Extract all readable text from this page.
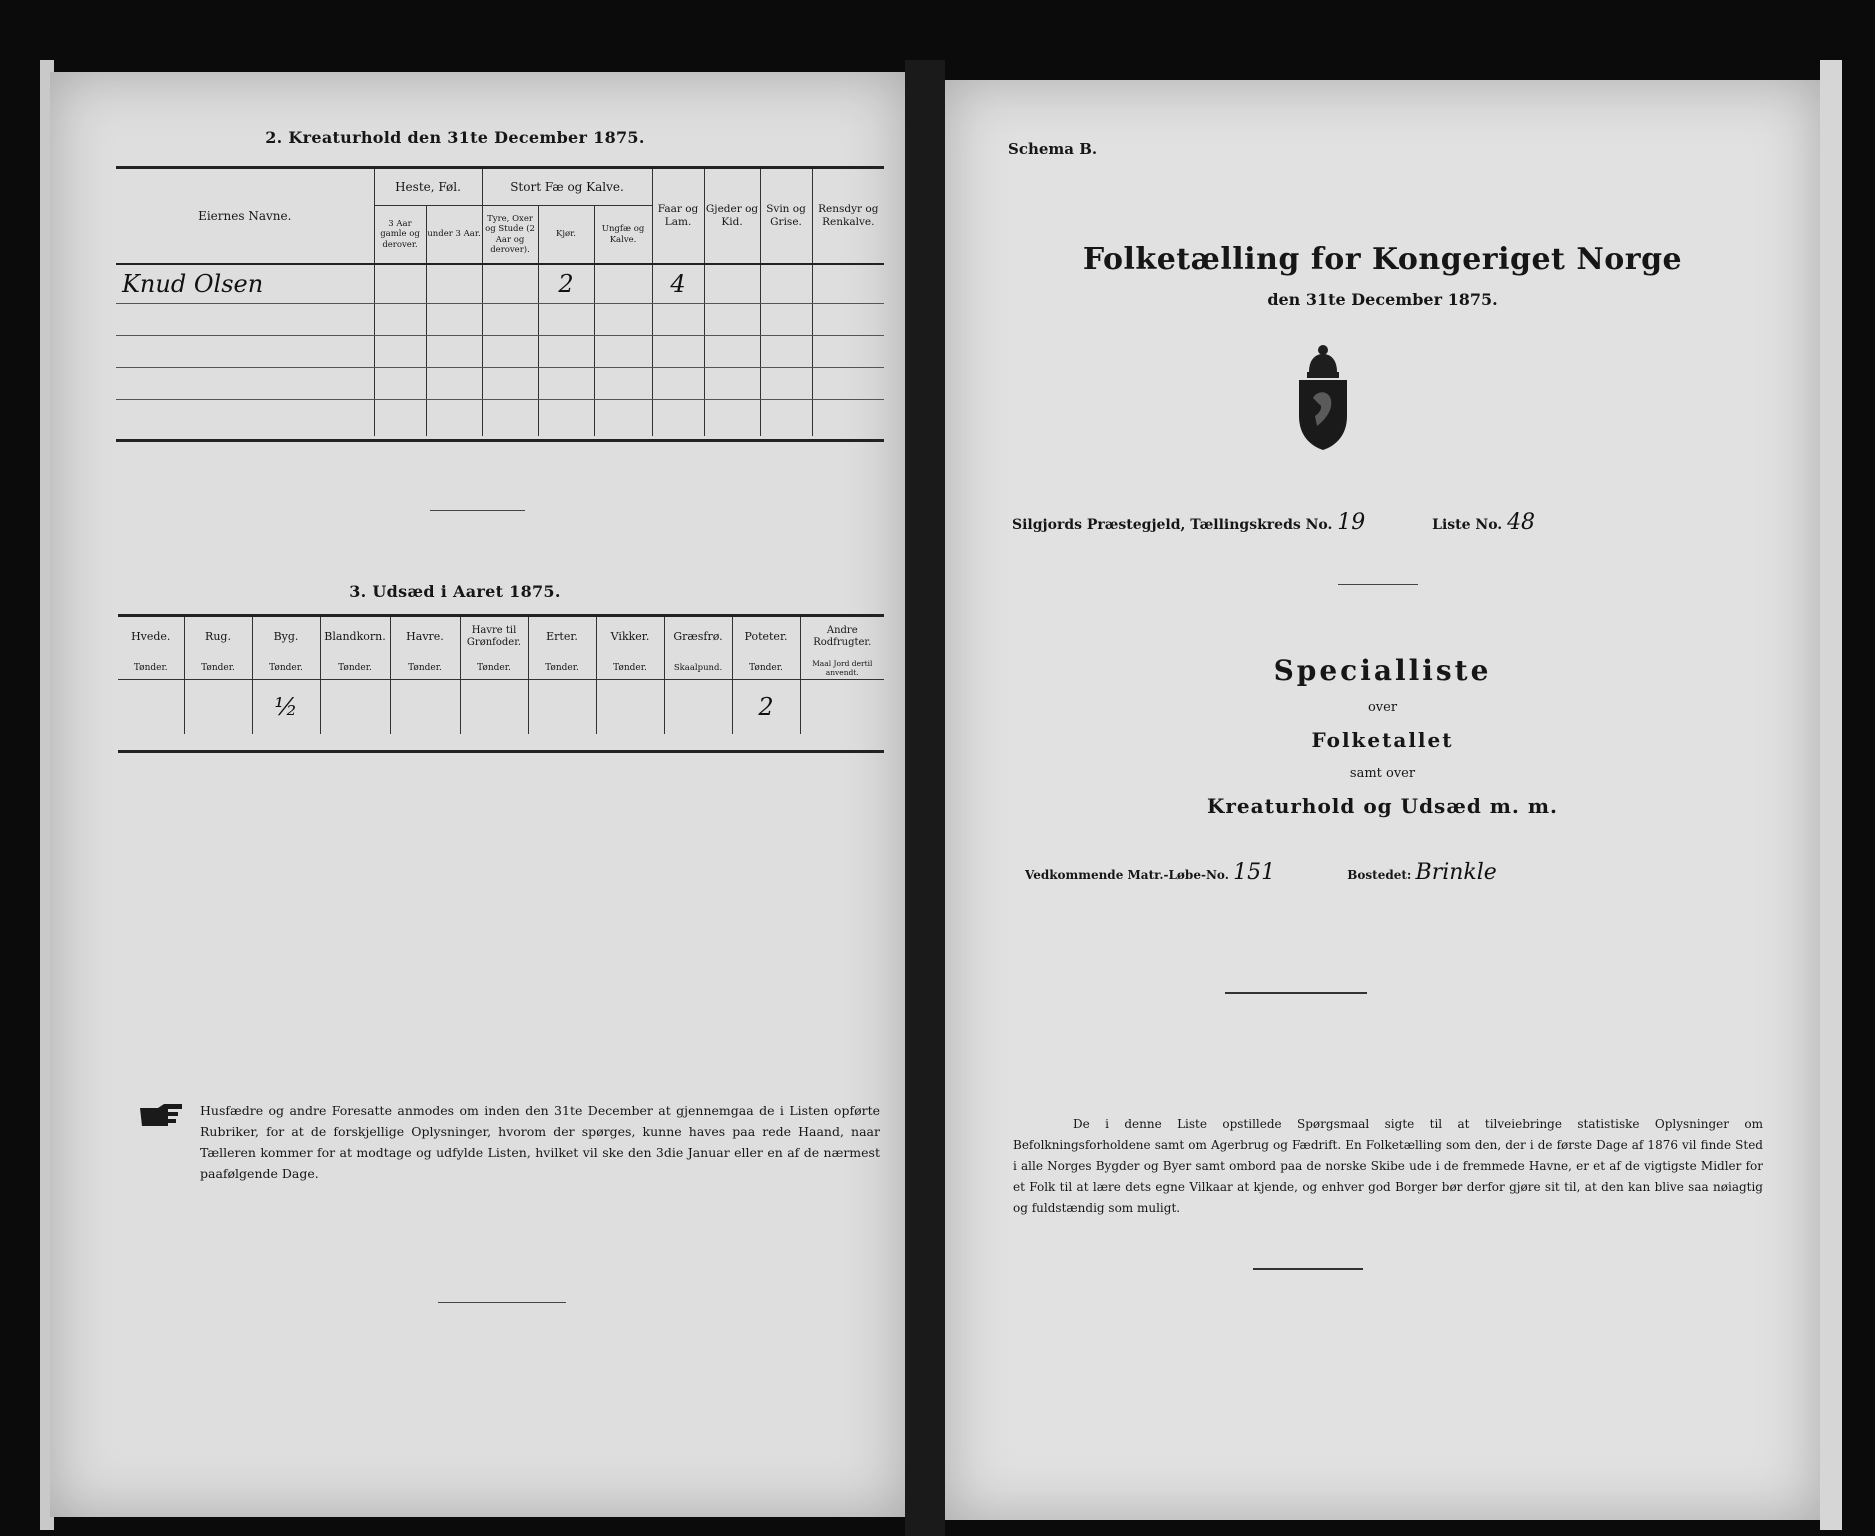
2. Kreaturhold den 31te December 1875.
Eiernes Navne.	Heste, Føl.		Stort Fæ og Kalve.			Faar og Lam.	Gjeder og Kid.	Svin og Grise.	Rensdyr og Renkalve.
	3 Aar gamle og derover.	under 3 Aar.	Tyre, Oxer og Stude (2 Aar og derover).	Kjør.	Ungfæ og Kalve.				
Knud Olsen				2		4			

3. Udsæd i Aaret 1875.
Hvede.	Rug.	Byg.	Blandkorn.	Havre.	Havre til Grønfoder.	Erter.	Vikker.	Græsfrø.	Poteter.	Andre Rodfrugter.
Tønder.	Tønder.	Tønder.	Tønder.	Tønder.	Tønder.	Tønder.	Tønder.	Skaalpund.	Tønder.	Maal Jord dertil anvendt.
		½							2	
Husfædre og andre Foresatte anmodes om inden den 31te December at gjennemgaa de i Listen opførte Rubriker, for at de forskjellige Oplysninger, hvorom der spørges, kunne haves paa rede Haand, naar Tælleren kommer for at modtage og udfylde Listen, hvilket vil ske den 3die Januar eller en af de nærmest paafølgende Dage.
Schema B.
Folketælling for Kongeriget Norge
den 31te December 1875.
Silgjords Præstegjeld, Tællingskreds No. 19	Liste No. 48
Specialliste
over
Folketallet
samt over
Kreaturhold og Udsæd m. m.
Vedkommende Matr.-Løbe-No. 151	Bostedet: Brinkle
De i denne Liste opstillede Spørgsmaal sigte til at tilveiebringe statistiske Oplysninger om Befolkningsforholdene samt om Agerbrug og Fædrift. En Folketælling som den, der i de første Dage af 1876 vil finde Sted i alle Norges Bygder og Byer samt ombord paa de norske Skibe ude i de fremmede Havne, er et af de vigtigste Midler for et Folk til at lære dets egne Vilkaar at kjende, og enhver god Borger bør derfor gjøre sit til, at den kan blive saa nøiagtig og fuldstændig som muligt.
